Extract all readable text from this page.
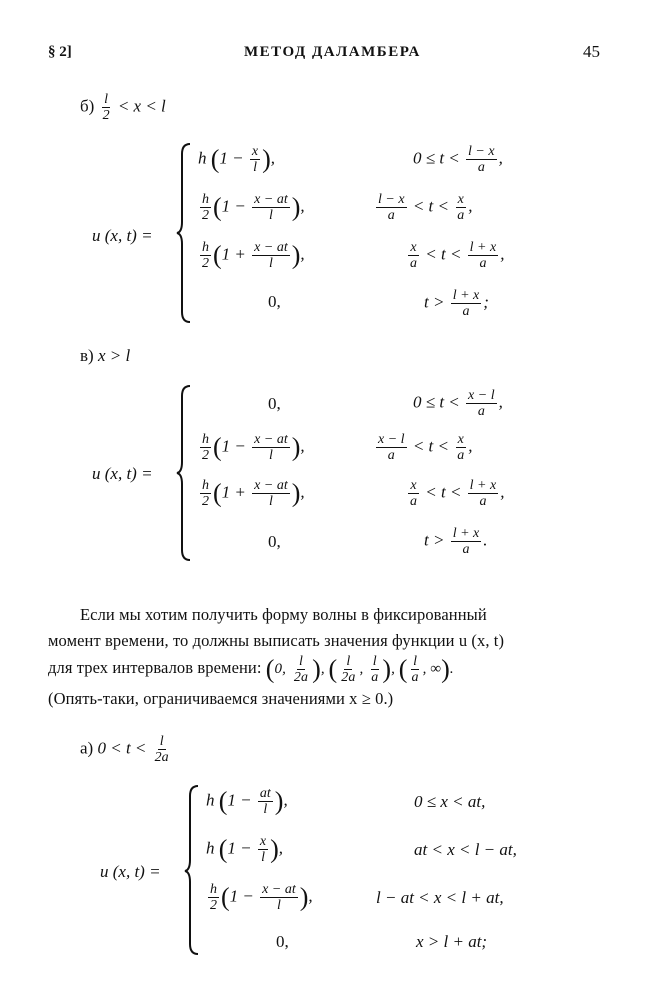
§ 2]	МЕТОД ДАЛАМБЕРА	45
$б) \frac{l}{2} < x < l$
u (x, t) =
h ($1 - \frac{x}{l}$ ),	$0 \le t < \frac{l - x}{a}$ ,
$\frac{h}{2} (1 - \frac{x - at}{l}$ ),	$\frac{l - x}{a} < t < \frac{x}{a}$ ,
$\frac{h}{2} (1 + \frac{x - at}{l}$ ),	$\frac{x}{a} < t < \frac{l + x}{a}$ ,
0,	$t > \frac{l + x}{a}$ ;
в) x > l
u (x, t) =
0,	$0 \le t < \frac{x - l}{a}$ ,
$\frac{h}{2} (1 - \frac{x - at}{l}$ ),	$\frac{x - l}{a} < t < \frac{x}{a}$ ,
$\frac{h}{2} (1 + \frac{x - at}{l}$ ),	$\frac{x}{a} < t < \frac{l + x}{a}$ ,
0,	$t > \frac{l + x}{a}$ .
Если мы хотим получить форму волны в фиксированный
момент времени, то должны выписать значения функции u (x, t)
для трех интервалов времени: (0, $\frac{l}{2a}$ ), ( $\frac{l}{2a}$ , $\frac{l}{a}$ ), ( $\frac{l}{a}$ , ∞).
(Опять-таки, ограничиваемся значениями x ≥ 0.)
а) $0 < t < \frac{l}{2a}$
u (x, t) =
h ($1 - \frac{at}{l}$ ),	0 ≤ x < at,
h ($1 - \frac{x}{l}$ ),	at < x < l − at,
$\frac{h}{2} (1 - \frac{x - at}{l}$ ),	l − at < x < l + at,
0,	x > l + at;
